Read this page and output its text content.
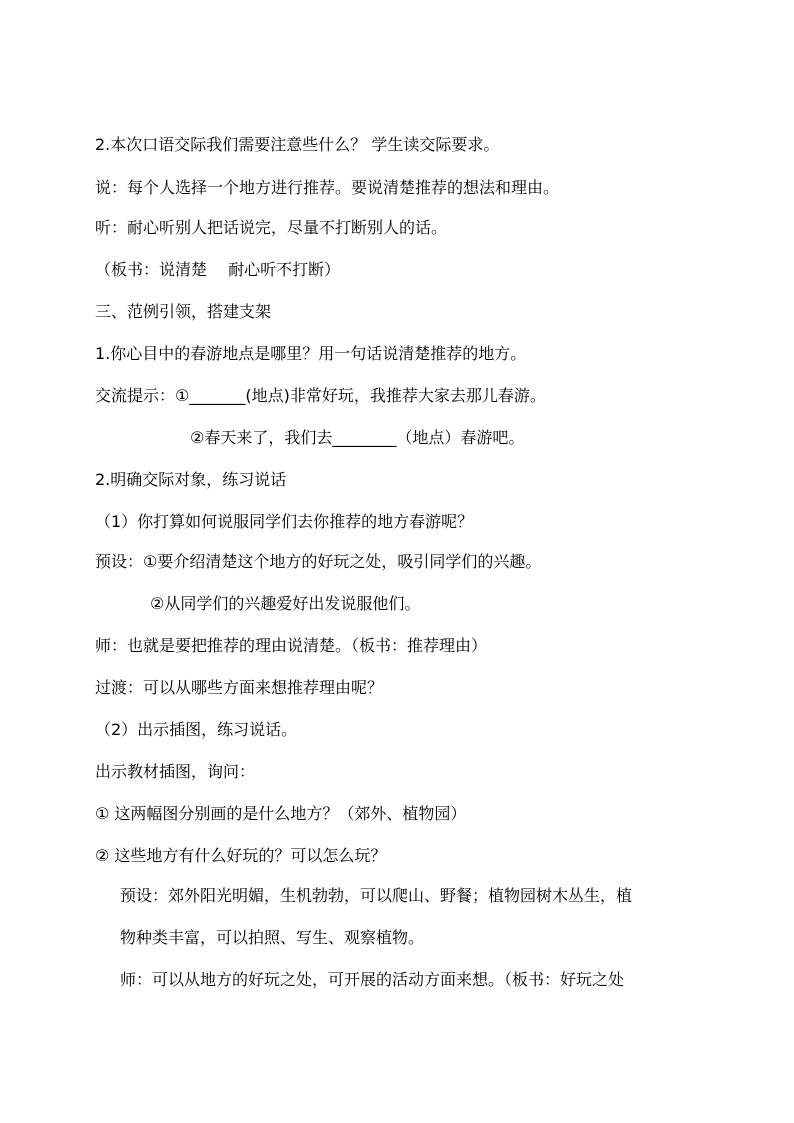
2.本次口语交际我们需要注意些什么？ 学生读交际要求。
说：每个人选择一个地方进行推荐。要说清楚推荐的想法和理由。
听：耐心听别人把话说完，尽量不打断别人的话。
（板书：说清楚　 耐心听不打断）
三、范例引领，搭建支架
1.你心目中的春游地点是哪里？用一句话说清楚推荐的地方。
交流提示：①_______(地点)非常好玩，我推荐大家去那儿春游。
②春天来了，我们去________（地点）春游吧。
2.明确交际对象，练习说话
（1）你打算如何说服同学们去你推荐的地方春游呢？
预设：①要介绍清楚这个地方的好玩之处，吸引同学们的兴趣。
②从同学们的兴趣爱好出发说服他们。
师：也就是要把推荐的理由说清楚。（板书：推荐理由）
过渡：可以从哪些方面来想推荐理由呢？
（2）出示插图，练习说话。
出示教材插图，询问：
① 这两幅图分别画的是什么地方？（郊外、植物园）
② 这些地方有什么好玩的？可以怎么玩？
预设：郊外阳光明媚，生机勃勃，可以爬山、野餐；植物园树木丛生，植
物种类丰富，可以拍照、写生、观察植物。
师：可以从地方的好玩之处，可开展的活动方面来想。（板书：好玩之处
